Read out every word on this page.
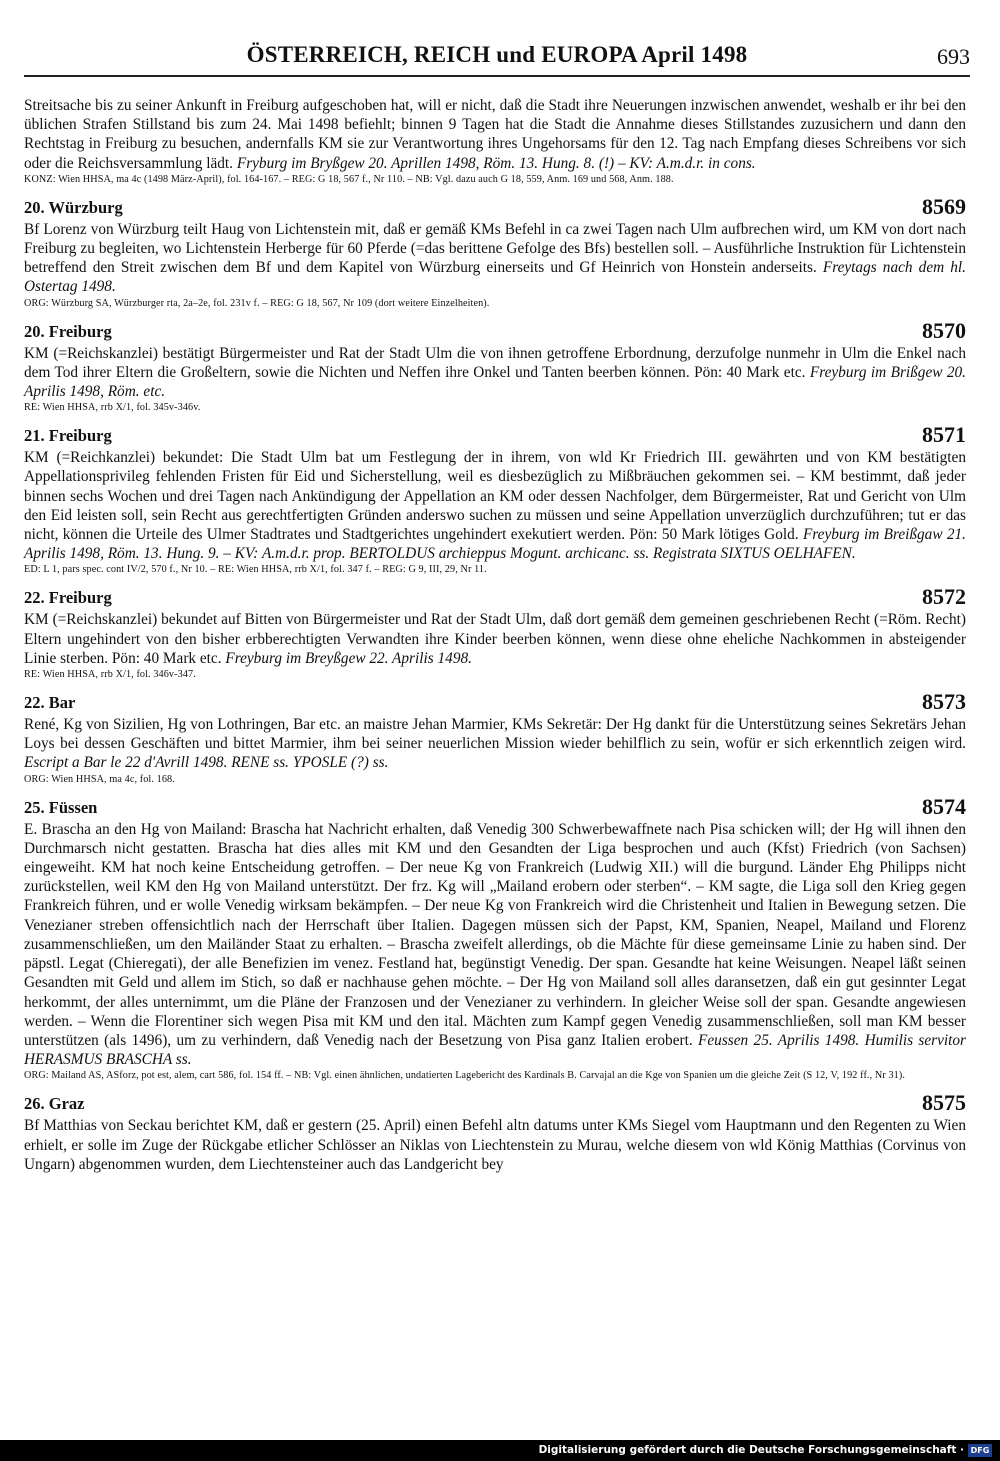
ÖSTERREICH, REICH und EUROPA April 1498	693

Streitsache bis zu seiner Ankunft in Freiburg aufgeschoben hat, will er nicht, daß die Stadt ihre Neuerungen inzwischen anwendet, weshalb er ihr bei den üblichen Strafen Stillstand bis zum 24. Mai 1498 befiehlt; binnen 9 Tagen hat die Stadt die Annahme dieses Stillstandes zuzusichern und dann den Rechtstag in Freiburg zu besuchen, andernfalls KM sie zur Verantwortung ihres Ungehorsams für den 12. Tag nach Empfang dieses Schreibens vor sich oder die Reichsversammlung lädt. Fryburg im Bryßgew 20. Aprillen 1498, Röm. 13. Hung. 8. (!) – KV: A.m.d.r. in cons.

KONZ: Wien HHSA, ma 4c (1498 März-April), fol. 164-167. – REG: G 18, 567 f., Nr 110. – NB: Vgl. dazu auch G 18, 559, Anm. 169 und 568, Anm. 188.

20. Würzburg	8569

Bf Lorenz von Würzburg teilt Haug von Lichtenstein mit, daß er gemäß KMs Befehl in ca zwei Tagen nach Ulm aufbrechen wird, um KM von dort nach Freiburg zu begleiten, wo Lichtenstein Herberge für 60 Pferde (=das berittene Gefolge des Bfs) bestellen soll. – Ausführliche Instruktion für Lichtenstein betreffend den Streit zwischen dem Bf und dem Kapitel von Würzburg einerseits und Gf Heinrich von Honstein anderseits. Freytags nach dem hl. Ostertag 1498.

ORG: Würzburg SA, Würzburger rta, 2a–2e, fol. 231v f. – REG: G 18, 567, Nr 109 (dort weitere Einzelheiten).

20. Freiburg	8570

KM (=Reichskanzlei) bestätigt Bürgermeister und Rat der Stadt Ulm die von ihnen getroffene Erbordnung, derzufolge nunmehr in Ulm die Enkel nach dem Tod ihrer Eltern die Großeltern, sowie die Nichten und Neffen ihre Onkel und Tanten beerben können. Pön: 40 Mark etc. Freyburg im Brißgew 20. Aprilis 1498, Röm. etc.

RE: Wien HHSA, rrb X/1, fol. 345v-346v.

21. Freiburg	8571

KM (=Reichkanzlei) bekundet: Die Stadt Ulm bat um Festlegung der in ihrem, von wld Kr Friedrich III. gewährten und von KM bestätigten Appellationsprivileg fehlenden Fristen für Eid und Sicherstellung, weil es diesbezüglich zu Mißbräuchen gekommen sei. – KM bestimmt, daß jeder binnen sechs Wochen und drei Tagen nach Ankündigung der Appellation an KM oder dessen Nachfolger, dem Bürgermeister, Rat und Gericht von Ulm den Eid leisten soll, sein Recht aus gerechtfertigten Gründen anderswo suchen zu müssen und seine Appellation unverzüglich durchzuführen; tut er das nicht, können die Urteile des Ulmer Stadtrates und Stadtgerichtes ungehindert exekutiert werden. Pön: 50 Mark lötiges Gold. Freyburg im Breißgaw 21. Aprilis 1498, Röm. 13. Hung. 9. – KV: A.m.d.r. prop. BERTOLDUS archieppus Mogunt. archicanc. ss. Registrata SIXTUS OELHAFEN.

ED: L 1, pars spec. cont IV/2, 570 f., Nr 10. – RE: Wien HHSA, rrb X/1, fol. 347 f. – REG: G 9, III, 29, Nr 11.

22. Freiburg	8572

KM (=Reichskanzlei) bekundet auf Bitten von Bürgermeister und Rat der Stadt Ulm, daß dort gemäß dem gemeinen geschriebenen Recht (=Röm. Recht) Eltern ungehindert von den bisher erbberechtigten Verwandten ihre Kinder beerben können, wenn diese ohne eheliche Nachkommen in absteigender Linie sterben. Pön: 40 Mark etc. Freyburg im Breyßgew 22. Aprilis 1498.

RE: Wien HHSA, rrb X/1, fol. 346v-347.

22. Bar	8573

René, Kg von Sizilien, Hg von Lothringen, Bar etc. an maistre Jehan Marmier, KMs Sekretär: Der Hg dankt für die Unterstützung seines Sekretärs Jehan Loys bei dessen Geschäften und bittet Marmier, ihm bei seiner neuerlichen Mission wieder behilflich zu sein, wofür er sich erkenntlich zeigen wird. Escript a Bar le 22 d'Avrill 1498. RENE ss. YPOSLE (?) ss.

ORG: Wien HHSA, ma 4c, fol. 168.

25. Füssen	8574

E. Brascha an den Hg von Mailand: Brascha hat Nachricht erhalten, daß Venedig 300 Schwerbewaffnete nach Pisa schicken will; der Hg will ihnen den Durchmarsch nicht gestatten. Brascha hat dies alles mit KM und den Gesandten der Liga besprochen und auch (Kfst) Friedrich (von Sachsen) eingeweiht. KM hat noch keine Entscheidung getroffen. – Der neue Kg von Frankreich (Ludwig XII.) will die burgund. Länder Ehg Philipps nicht zurückstellen, weil KM den Hg von Mailand unterstützt. Der frz. Kg will „Mailand erobern oder sterben“. – KM sagte, die Liga soll den Krieg gegen Frankreich führen, und er wolle Venedig wirksam bekämpfen. – Der neue Kg von Frankreich wird die Christenheit und Italien in Bewegung setzen. Die Venezianer streben offensichtlich nach der Herrschaft über Italien. Dagegen müssen sich der Papst, KM, Spanien, Neapel, Mailand und Florenz zusammenschließen, um den Mailänder Staat zu erhalten. – Brascha zweifelt allerdings, ob die Mächte für diese gemeinsame Linie zu haben sind. Der päpstl. Legat (Chieregati), der alle Benefizien im venez. Festland hat, begünstigt Venedig. Der span. Gesandte hat keine Weisungen. Neapel läßt seinen Gesandten mit Geld und allem im Stich, so daß er nachhause gehen möchte. – Der Hg von Mailand soll alles daransetzen, daß ein gut gesinnter Legat herkommt, der alles unternimmt, um die Pläne der Franzosen und der Venezianer zu verhindern. In gleicher Weise soll der span. Gesandte angewiesen werden. – Wenn die Florentiner sich wegen Pisa mit KM und den ital. Mächten zum Kampf gegen Venedig zusammenschließen, soll man KM besser unterstützen (als 1496), um zu verhindern, daß Venedig nach der Besetzung von Pisa ganz Italien erobert. Feussen 25. Aprilis 1498. Humilis servitor HERASMUS BRASCHA ss.

ORG: Mailand AS, ASforz, pot est, alem, cart 586, fol. 154 ff. – NB: Vgl. einen ähnlichen, undatierten Lagebericht des Kardinals B. Carvajal an die Kge von Spanien um die gleiche Zeit (S 12, V, 192 ff., Nr 31).

26. Graz	8575

Bf Matthias von Seckau berichtet KM, daß er gestern (25. April) einen Befehl altn datums unter KMs Siegel vom Hauptmann und den Regenten zu Wien erhielt, er solle im Zuge der Rückgabe etlicher Schlösser an Niklas von Liechtenstein zu Murau, welche diesem von wld König Matthias (Corvinus von Ungarn) abgenommen wurden, dem Liechtensteiner auch das Landgericht bey

Digitalisierung gefördert durch die Deutsche Forschungsgemeinschaft · DFG
